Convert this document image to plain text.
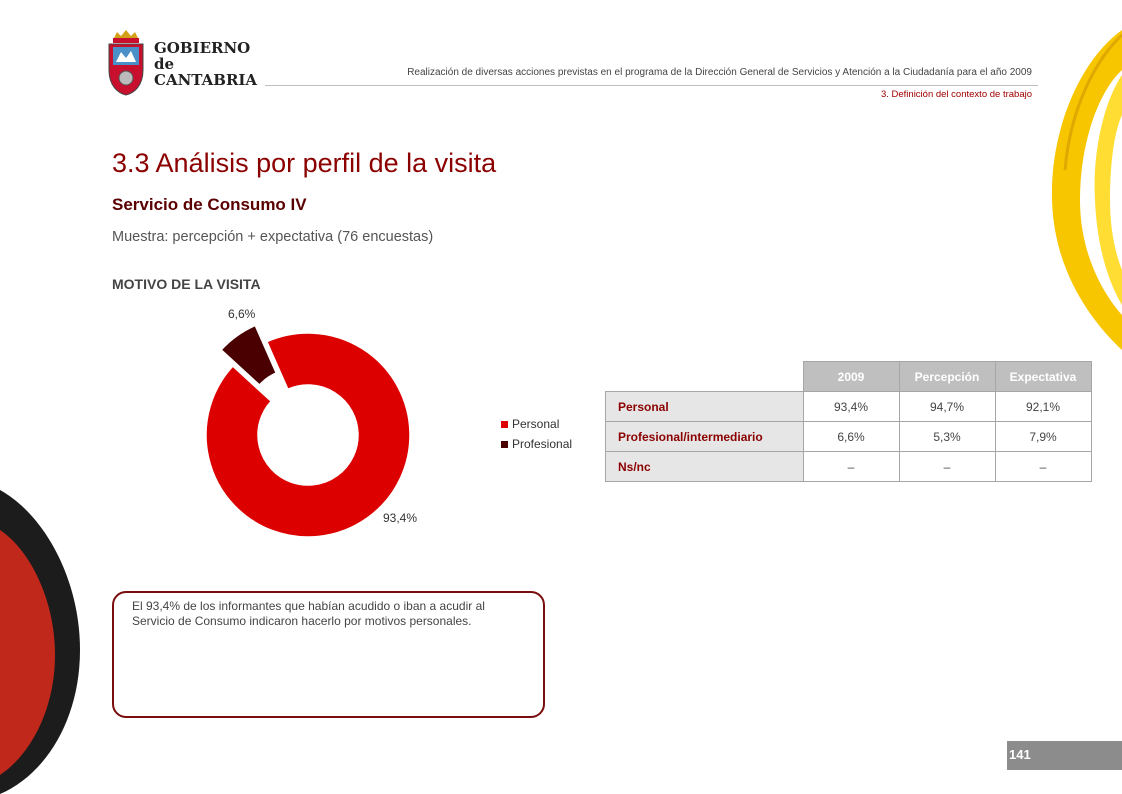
GOBIERNO
de
CANTABRIA	Realización de diversas acciones previstas en el programa de la Dirección General de Servicios y Atención a la Ciudadanía para el año 2009
3. Definición del contexto de trabajo
3.3 Análisis por perfil de la visita
Servicio de Consumo IV
Muestra: percepción + expectativa (76 encuestas)
MOTIVO DE LA VISITA
93,4%
6,6%
Personal
Profesional
	2009	Percepción	Expectativa
Personal	93,4%	94,7%	92,1%
Profesional/intermediario	6,6%	5,3%	7,9%
Ns/nc	–	–	–
El 93,4% de los informantes que habían acudido o iban a acudir al Servicio de Consumo indicaron hacerlo por motivos personales.
141
